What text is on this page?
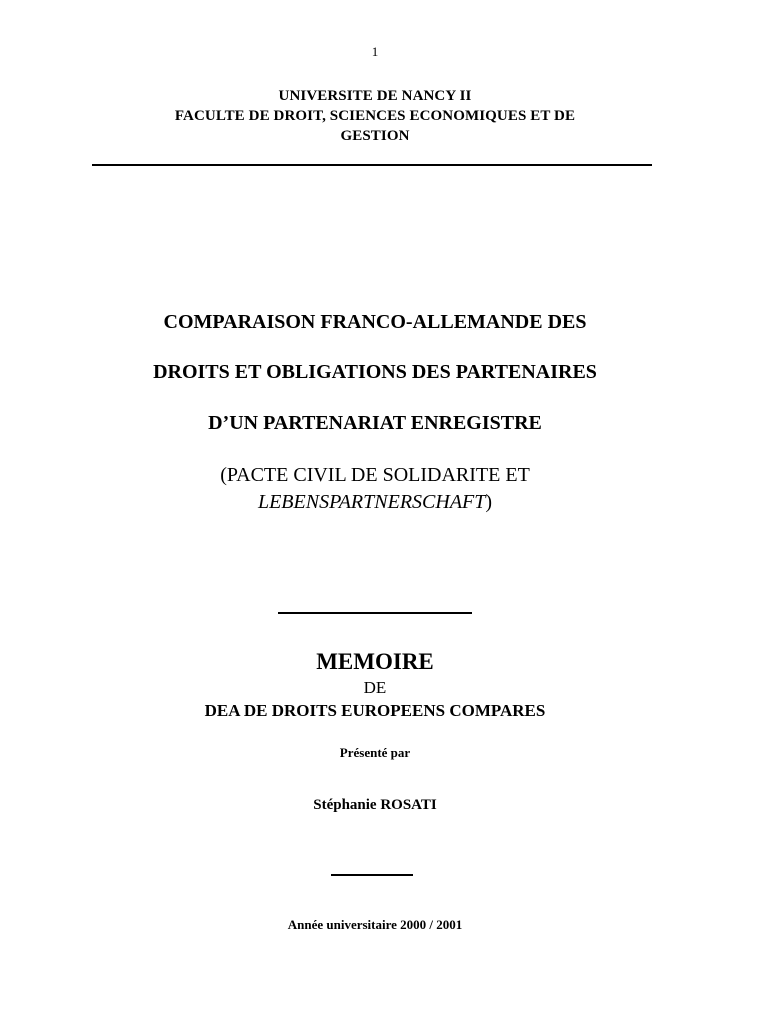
1
UNIVERSITE DE NANCY II
FACULTE DE DROIT, SCIENCES ECONOMIQUES ET DE
GESTION
COMPARAISON FRANCO-ALLEMANDE DES
DROITS ET OBLIGATIONS DES PARTENAIRES
D’UN PARTENARIAT ENREGISTRE
(PACTE CIVIL DE SOLIDARITE ET
LEBENSPARTNERSCHAFT)
MEMOIRE
DE
DEA DE DROITS EUROPEENS COMPARES
Présenté par
Stéphanie ROSATI
Année universitaire 2000 / 2001
